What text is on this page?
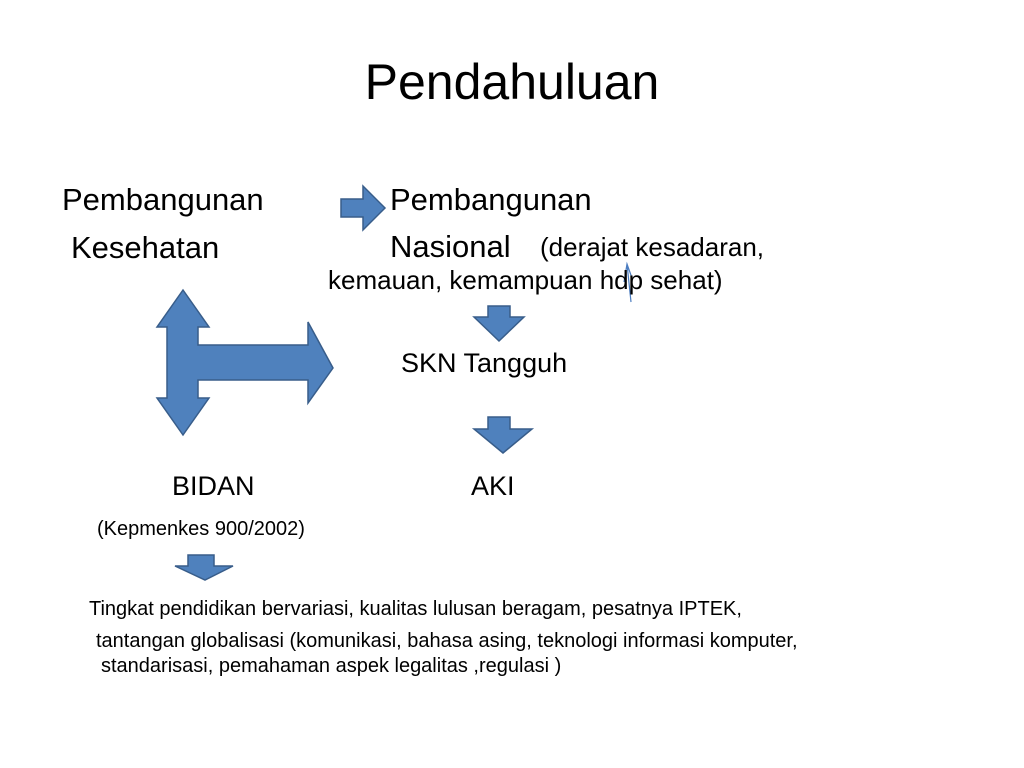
Pendahuluan
Pembangunan
Kesehatan
Pembangunan
Nasional (derajat kesadaran,
kemauan, kemampuan hdp sehat)
SKN Tangguh
BIDAN	AKI
(Kepmenkes 900/2002)
Tingkat pendidikan bervariasi, kualitas lulusan beragam, pesatnya IPTEK,
tantangan globalisasi (komunikasi, bahasa asing, teknologi informasi komputer,
standarisasi, pemahaman aspek legalitas ,regulasi )
